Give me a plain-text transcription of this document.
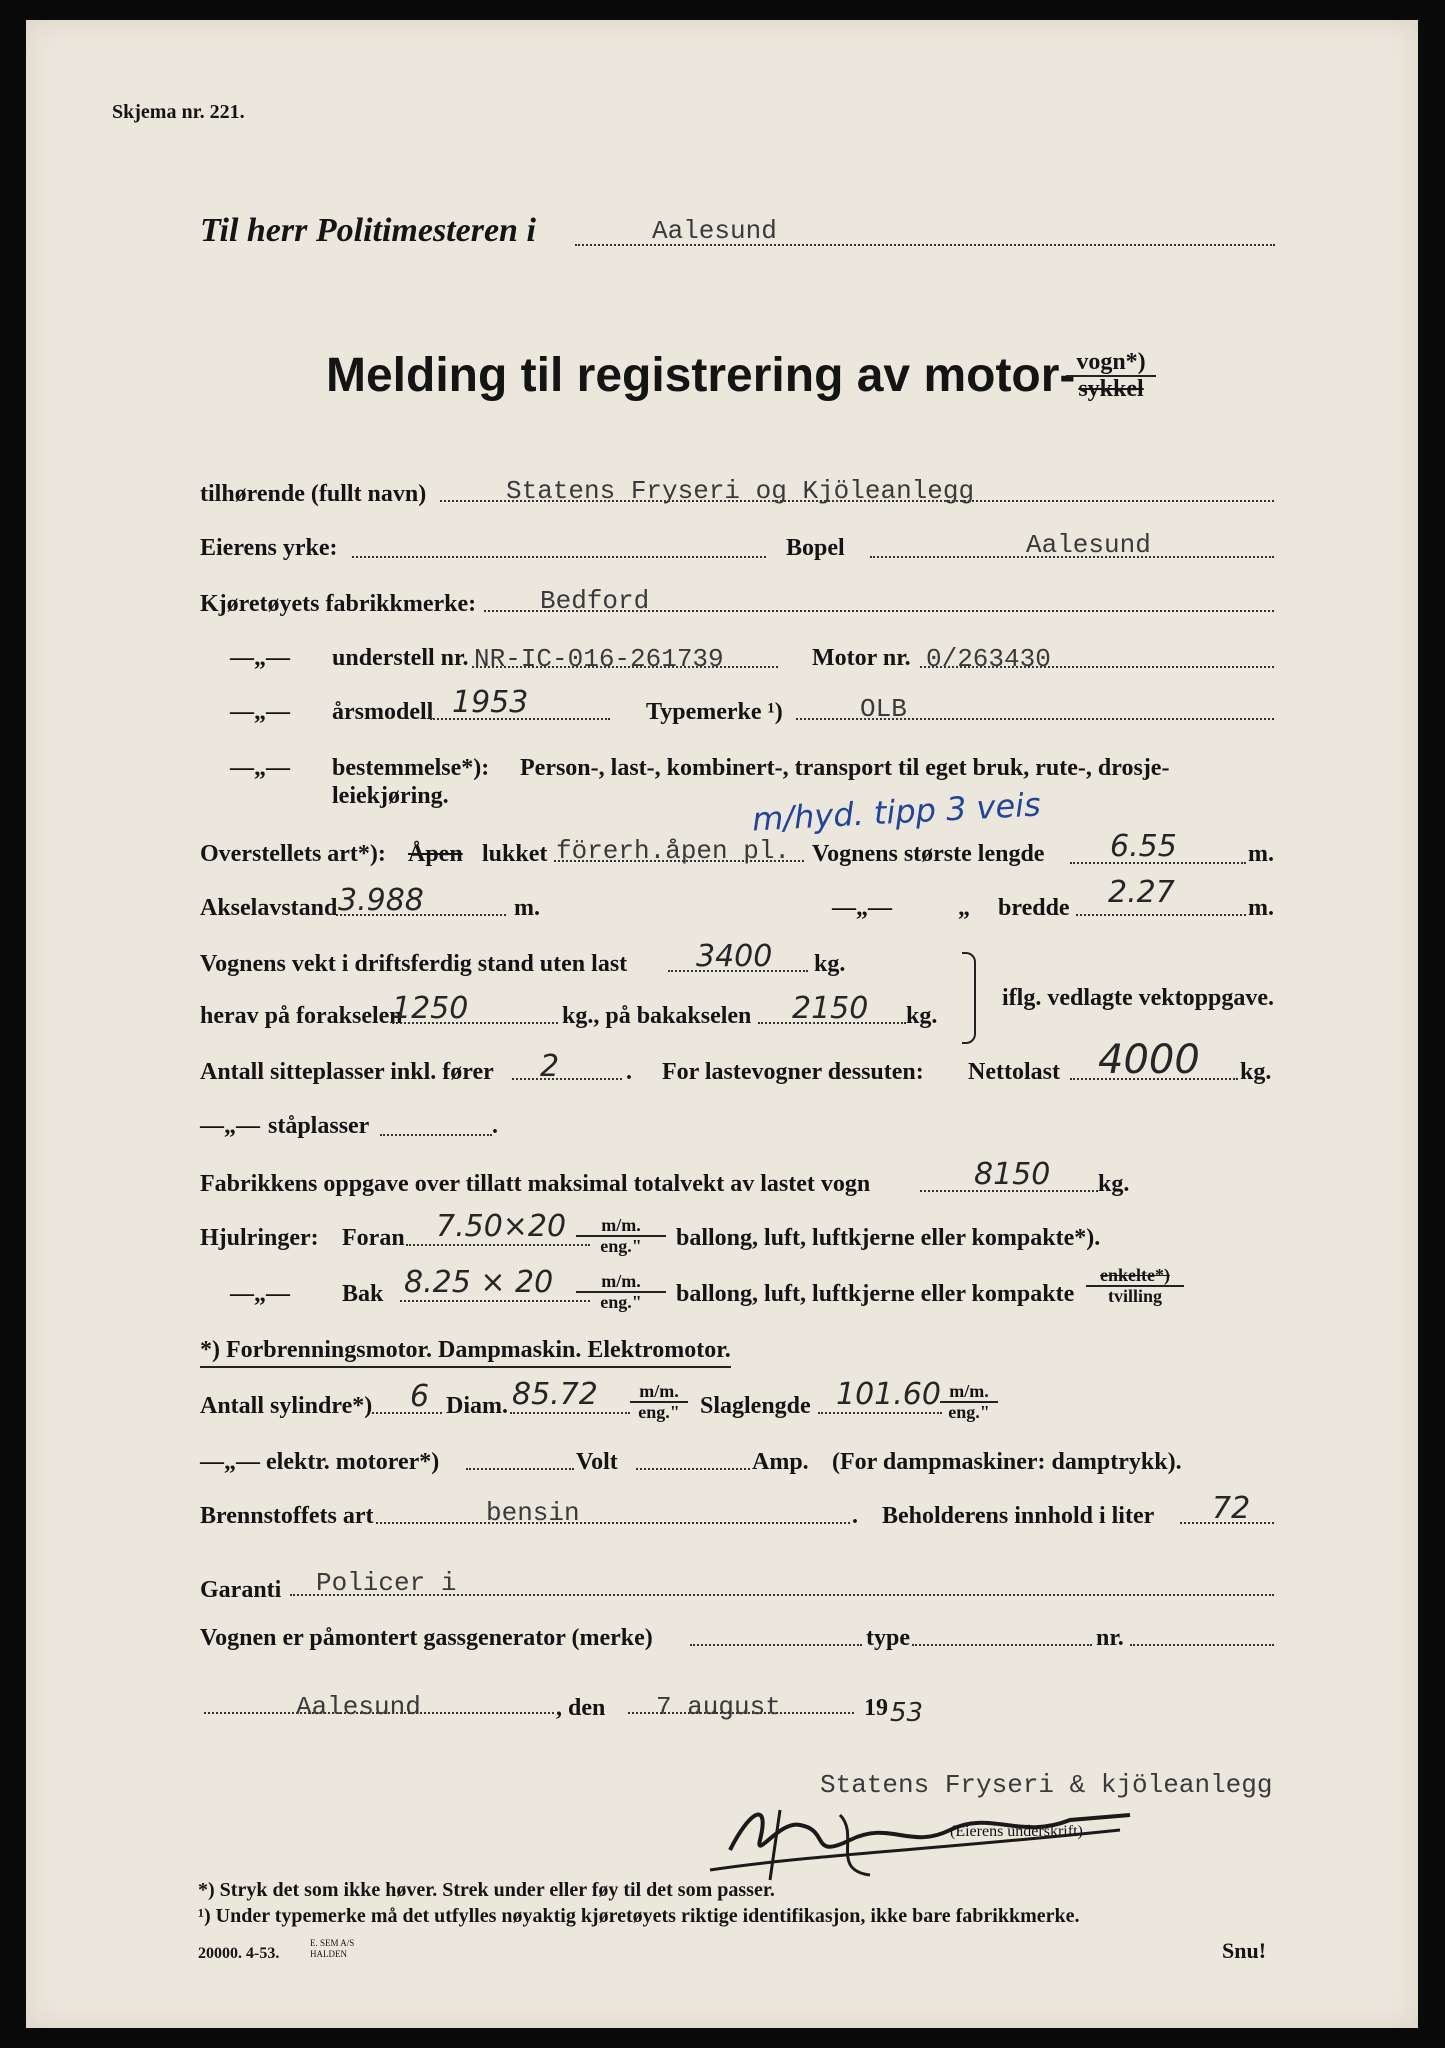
Skjema nr. 221.
Til herr Politimesteren i	Aalesund
Melding til registrering av motor- vogn*)
sykkel
tilhørende (fullt navn)	Statens Fryseri og Kjöleanlegg
Eierens yrke:	Bopel	Aalesund
Kjøretøyets fabrikkmerke: Bedford
—„— understell nr. NR-IC-016-261739	Motor nr. 0/263430
—„— årsmodell 1953	Typemerke ¹)	OLB
—„— bestemmelse*): Person-, last-, kombinert-, transport til eget bruk, rute-, drosje-
leiekjøring.	m/hyd. tipp 3 veis
Overstellets art*): Åpen lukket förerh.åpen pl. Vognens største lengde 6.55	m.
Akselavstand 3.988	m.	—„—	„ bredde 2.27	m.
Vognens vekt i driftsferdig stand uten last 3400 kg.
herav på forakselen
1250	kg., på bakakselen 2150 kg.
iflg. vedlagte vektoppgave.
Antall sitteplasser inkl. fører 2	. For lastevogner dessuten: Nettolast 4000 kg.
—„— ståplasser	.
Fabrikkens oppgave over tillatt maksimal totalvekt av lastet vogn	8150 kg.
Hjulringer: Foran 7.50×20	m/m.
eng."	ballong, luft, luftkjerne eller kompakte*).
—„— Bak 8.25 × 20	m/m.
eng."	ballong, luft, luftkjerne eller kompakte
enkelte*)
tvilling
*) Forbrenningsmotor. Dampmaskin. Elektromotor.
Antall sylindre*) 6 Diam. 85.72	m/m.
eng." Slaglengde 101.60 m/m.
eng."
—„— elektr. motorer*)	Volt	Amp. (For dampmaskiner: damptrykk).
Brennstoffets art	bensin	. Beholderens innhold i liter 72
Garanti Policer i
Vognen er påmontert gassgenerator (merke)	type	nr.
Aalesund	, den 7 august	19 53
Statens Fryseri & kjöleanlegg
(Eierens underskrift)
*) Stryk det som ikke høver. Strek under eller føy til det som passer.
¹) Under typemerke må det utfylles nøyaktig kjøretøyets riktige identifikasjon, ikke bare fabrikkmerke.
20000. 4-53.
E. SEM A/S HALDEN	Snu!
